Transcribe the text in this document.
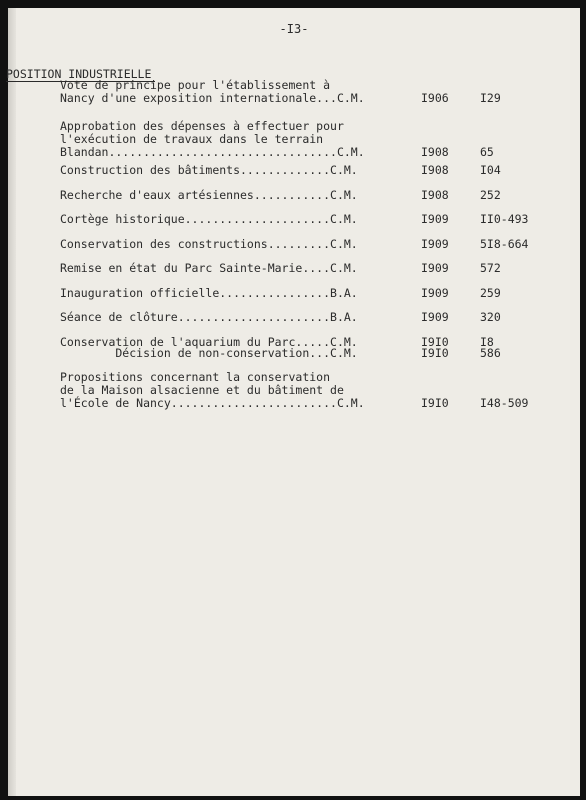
-I3-
POSITION INDUSTRIELLE
Vote de principe pour l'établissement à
Nancy d'une exposition internationale...C.M.	I906	I29
Approbation des dépenses à effectuer pour
l'exécution de travaux dans le terrain
Blandan.................................C.M.	I908	65
Construction des bâtiments.............C.M.	I908	I04
Recherche d'eaux artésiennes...........C.M.	I908	252
Cortège historique.....................C.M.	I909	II0-493
Conservation des constructions.........C.M.	I909	5I8-664
Remise en état du Parc Sainte-Marie....C.M.	I909	572
Inauguration officielle................B.A.	I909	259
Séance de clôture......................B.A.	I909	320
Conservation de l'aquarium du Parc.....C.M.	I9I0	I8
Décision de non-conservation...C.M.	I9I0	586
Propositions concernant la conservation
de la Maison alsacienne et du bâtiment de
l'École de Nancy........................C.M.	I9I0	I48-509
